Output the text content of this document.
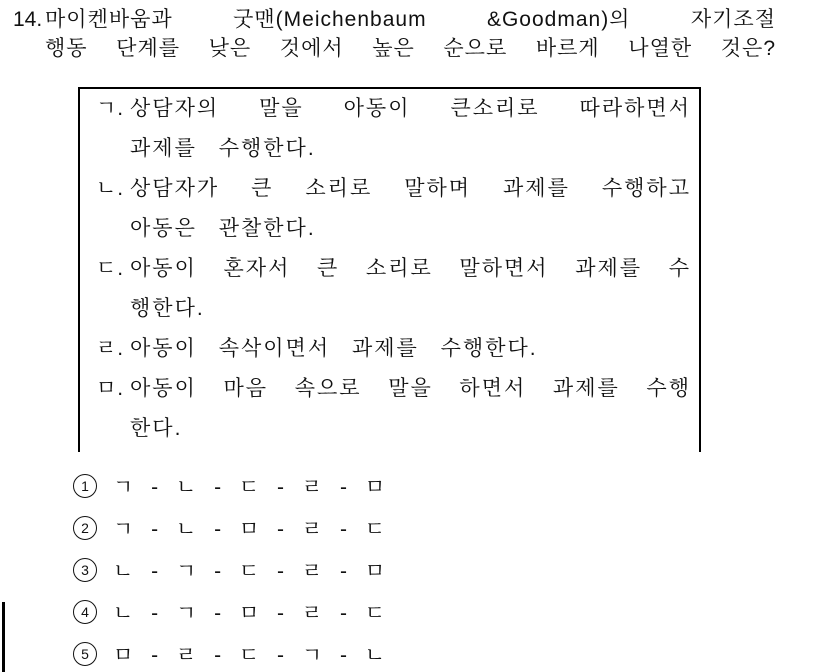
14. 마이켄바움과 굿맨(Meichenbaum &Goodman)의 자기조절
행동 단계를 낮은 것에서 높은 순으로 바르게 나열한 것은?
ㄱ. 상담자의 말을 아동이 큰소리로 따라하면서
과제를 수행한다.
ㄴ. 상담자가 큰 소리로 말하며 과제를 수행하고
아동은 관찰한다.
ㄷ. 아동이 혼자서 큰 소리로 말하면서 과제를 수
행한다.
ㄹ. 아동이 속삭이면서 과제를 수행한다.
ㅁ. 아동이 마음 속으로 말을 하면서 과제를 수행
한다.
1 ㄱ - ㄴ - ㄷ - ㄹ - ㅁ
2 ㄱ - ㄴ - ㅁ - ㄹ - ㄷ
3 ㄴ - ㄱ - ㄷ - ㄹ - ㅁ
4 ㄴ - ㄱ - ㅁ - ㄹ - ㄷ
5 ㅁ - ㄹ - ㄷ - ㄱ - ㄴ
